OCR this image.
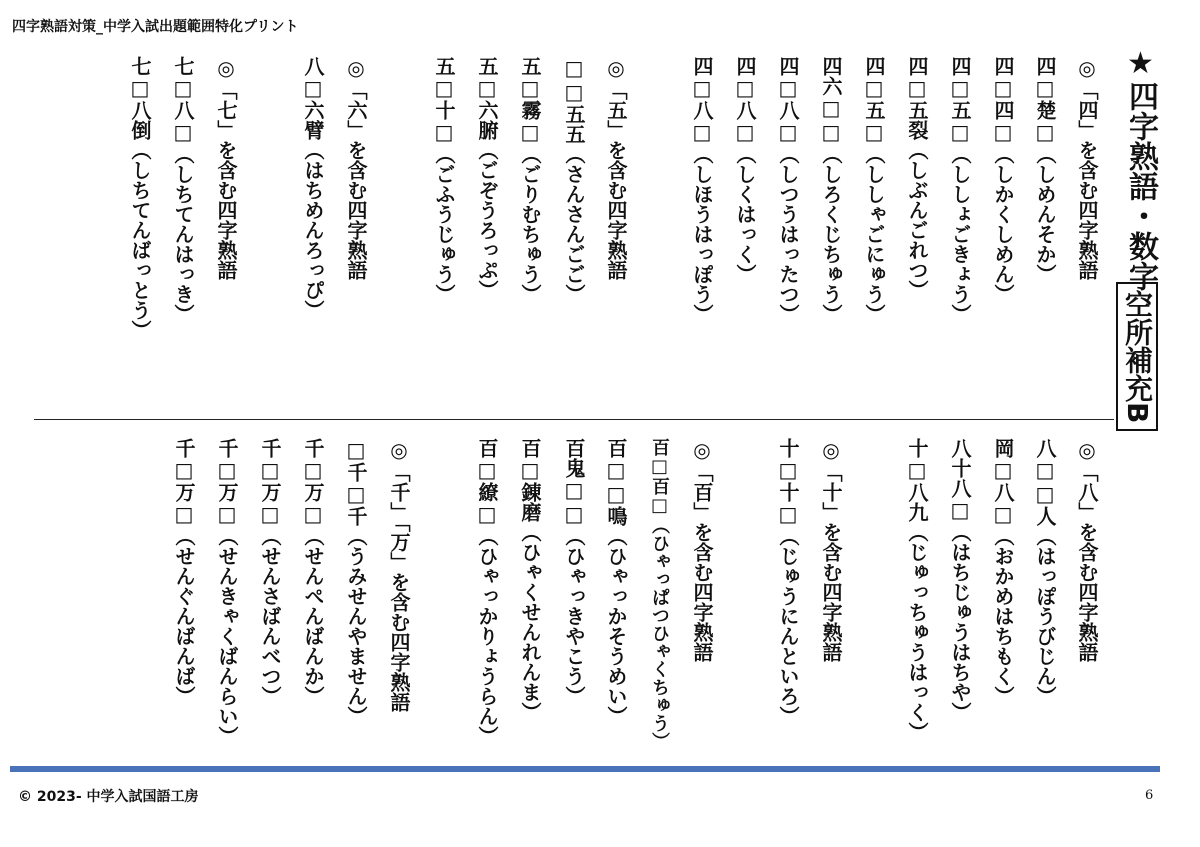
四字熟語対策_中学入試出題範囲特化プリント
★四字熟語・数字
空所補充B
◎「四」を含む四字熟語
四□楚□（しめんそか）
四□四□（しかくしめん）
四□五□（ししょごきょう）
四□五裂（しぶんごれつ）
四□五□（ししゃごにゅう）
四六□□（しろくじちゅう）
四□八□（しつうはったつ）
四□八□（しくはっく）
四□八□（しほうはっぽう）
◎「五」を含む四字熟語
□□五五（さんさんごご）
五□霧□（ごりむちゅう）
五□六腑（ごぞうろっぷ）
五□十□（ごふうじゅう）
◎「六」を含む四字熟語
八□六臂（はちめんろっぴ）
◎「七」を含む四字熟語
七□八□（しちてんはっき）
七□八倒（しちてんばっとう）
◎「八」を含む四字熟語
八□□人（はっぽうびじん）
岡□八□（おかめはちもく）
八十八□（はちじゅうはちや）
十□八九（じゅっちゅうはっく）
◎「十」を含む四字熟語
十□十□（じゅうにんといろ）
◎「百」を含む四字熟語
百□百□（ひゃっぱつひゃくちゅう）
百□□鳴（ひゃっかそうめい）
百鬼□□（ひゃっきやこう）
百□錬磨（ひゃくせんれんま）
百□繚□（ひゃっかりょうらん）
◎「千」「万」を含む四字熟語
□千□千（うみせんやません）
千□万□（せんぺんばんか）
千□万□（せんさばんべつ）
千□万□（せんきゃくばんらい）
千□万□（せんぐんばんば）
© 2023- 中学入試国語工房	6
